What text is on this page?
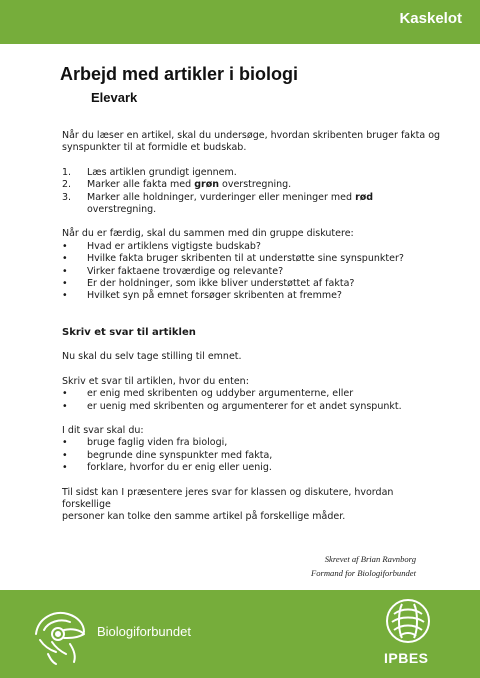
Kaskelot
Arbejd med artikler i biologi
Elevark

Når du læser en artikel, skal du undersøge, hvordan skribenten bruger fakta og

synspunkter til at formidle et budskab.

1.	Læs artiklen grundigt igennem.
2.	Marker alle fakta med grøn overstregning.
3.	Marker alle holdninger, vurderinger eller meninger med rød overstregning.

Når du er færdig, skal du sammen med din gruppe diskutere:

•	Hvad er artiklens vigtigste budskab?
•	Hvilke fakta bruger skribenten til at understøtte sine synspunkter?
•	Virker faktaene troværdige og relevante?
•	Er der holdninger, som ikke bliver understøttet af fakta?
•	Hvilket syn på emnet forsøger skribenten at fremme?

Skriv et svar til artiklen

Nu skal du selv tage stilling til emnet.

Skriv et svar til artiklen, hvor du enten:

•	er enig med skribenten og uddyber argumenterne, eller
•	er uenig med skribenten og argumenterer for et andet synspunkt.

I dit svar skal du:

•	bruge faglig viden fra biologi,
•	begrunde dine synspunkter med fakta,
•	forklare, hvorfor du er enig eller uenig.

Til sidst kan I præsentere jeres svar for klassen og diskutere, hvordan forskellige

personer kan tolke den samme artikel på forskellige måder.

Skrevet af Brian Ravnborg
Formand for Biologiforbundet
Biologiforbundet
IPBES
